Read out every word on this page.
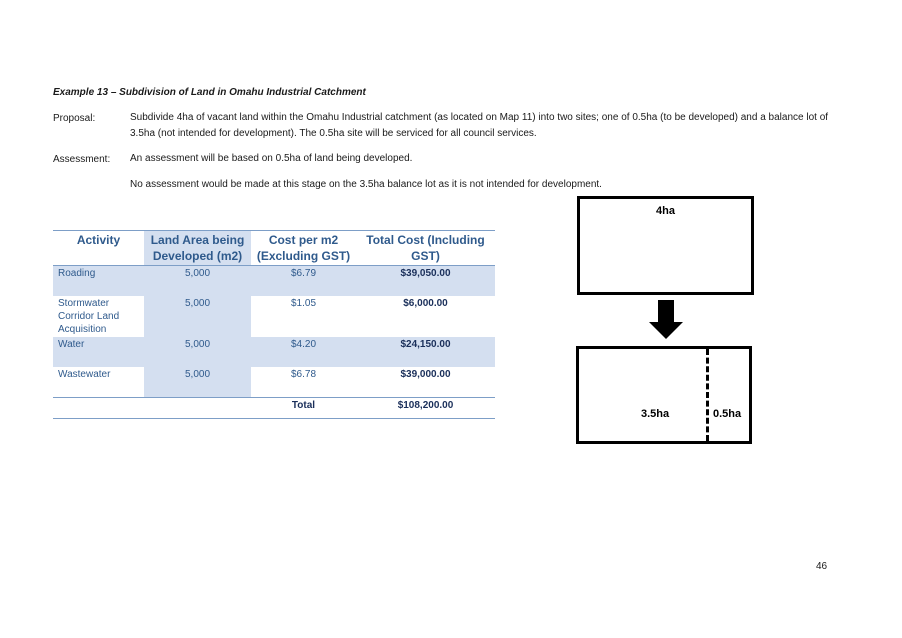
Example 13 – Subdivision of Land in Omahu Industrial Catchment
Proposal:	Subdivide 4ha of vacant land within the Omahu Industrial catchment (as located on Map 11) into two sites; one of 0.5ha (to be developed) and a balance lot of 3.5ha (not intended for development). The 0.5ha site will be serviced for all council services.
Assessment: An assessment will be based on 0.5ha of land being developed.
No assessment would be made at this stage on the 3.5ha balance lot as it is not intended for development.
Activity	Land Area being Developed (m2)	Cost per m2 (Excluding GST)	Total Cost (Including GST)
Roading	5,000	$6.79	$39,050.00
Stormwater Corridor Land Acquisition	5,000	$1.05	$6,000.00
Water	5,000	$4.20	$24,150.00
Wastewater	5,000	$6.78	$39,000.00
		Total	$108,200.00
4ha
3.5ha	0.5ha
46
